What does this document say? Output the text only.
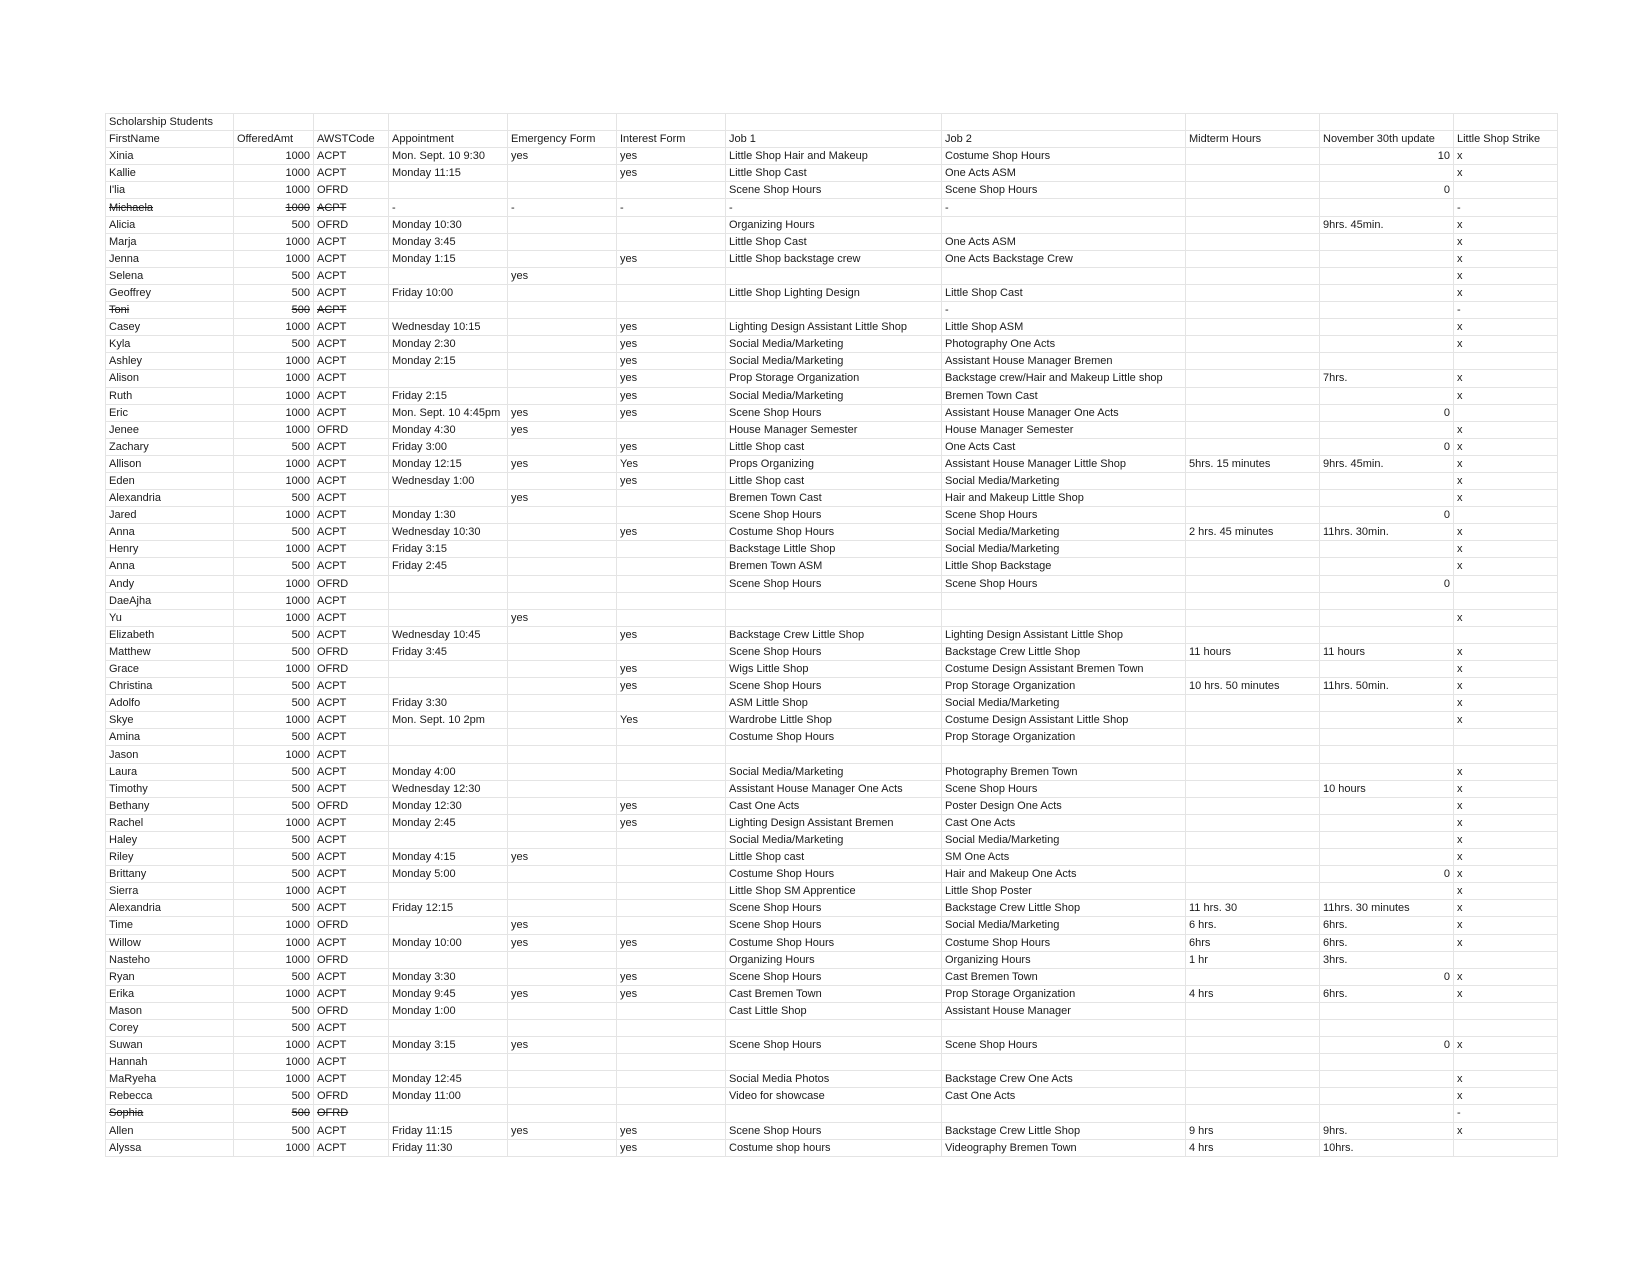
Scholarship Students										
FirstName	OfferedAmt	AWSTCode	Appointment	Emergency Form	Interest Form	Job 1	Job 2	Midterm Hours	November 30th update	Little Shop Strike
Xinia	1000	ACPT	Mon. Sept. 10 9:30	yes	yes	Little Shop Hair and Makeup	Costume Shop Hours		10	x
Kallie	1000	ACPT	Monday 11:15		yes	Little Shop Cast	One Acts ASM			x
I'lia	1000	OFRD				Scene Shop Hours	Scene Shop Hours		0	
Michaela	1000	ACPT	-	-	-	-	-			-
Alicia	500	OFRD	Monday 10:30			Organizing Hours			9hrs. 45min.	x
Marja	1000	ACPT	Monday 3:45			Little Shop Cast	One Acts ASM			x
Jenna	1000	ACPT	Monday 1:15		yes	Little Shop backstage crew	One Acts Backstage Crew			x
Selena	500	ACPT		yes						x
Geoffrey	500	ACPT	Friday 10:00			Little Shop Lighting Design	Little Shop Cast			x
Toni	500	ACPT					-			-
Casey	1000	ACPT	Wednesday 10:15		yes	Lighting Design Assistant Little Shop	Little Shop ASM			x
Kyla	500	ACPT	Monday 2:30		yes	Social Media/Marketing	Photography One Acts			x
Ashley	1000	ACPT	Monday 2:15		yes	Social Media/Marketing	Assistant House Manager Bremen			
Alison	1000	ACPT			yes	Prop Storage Organization	Backstage crew/Hair and Makeup Little shop		7hrs.	x
Ruth	1000	ACPT	Friday 2:15		yes	Social Media/Marketing	Bremen Town Cast			x
Eric	1000	ACPT	Mon. Sept. 10 4:45pm	yes	yes	Scene Shop Hours	Assistant House Manager One Acts		0	
Jenee	1000	OFRD	Monday 4:30	yes		House Manager Semester	House Manager Semester			x
Zachary	500	ACPT	Friday 3:00		yes	Little Shop cast	One Acts Cast		0	x
Allison	1000	ACPT	Monday 12:15	yes	Yes	Props Organizing	Assistant House Manager Little Shop	5hrs. 15 minutes	9hrs. 45min.	x
Eden	1000	ACPT	Wednesday 1:00		yes	Little Shop cast	Social Media/Marketing			x
Alexandria	500	ACPT		yes		Bremen Town Cast	Hair and Makeup Little Shop			x
Jared	1000	ACPT	Monday 1:30			Scene Shop Hours	Scene Shop Hours		0	
Anna	500	ACPT	Wednesday 10:30		yes	Costume Shop Hours	Social Media/Marketing	2 hrs. 45 minutes	11hrs. 30min.	x
Henry	1000	ACPT	Friday 3:15			Backstage Little Shop	Social Media/Marketing			x
Anna	500	ACPT	Friday 2:45			Bremen Town ASM	Little Shop Backstage			x
Andy	1000	OFRD				Scene Shop Hours	Scene Shop Hours		0	
DaeAjha	1000	ACPT								
Yu	1000	ACPT		yes						x
Elizabeth	500	ACPT	Wednesday 10:45		yes	Backstage Crew Little Shop	Lighting Design Assistant Little Shop			
Matthew	500	OFRD	Friday 3:45			Scene Shop Hours	Backstage Crew Little Shop	11 hours	11 hours	x
Grace	1000	OFRD			yes	Wigs Little Shop	Costume Design Assistant Bremen Town			x
Christina	500	ACPT			yes	Scene Shop Hours	Prop Storage Organization	10 hrs. 50 minutes	11hrs. 50min.	x
Adolfo	500	ACPT	Friday 3:30			ASM Little Shop	Social Media/Marketing			x
Skye	1000	ACPT	Mon. Sept. 10 2pm		Yes	Wardrobe Little Shop	Costume Design Assistant Little Shop			x
Amina	500	ACPT				Costume Shop Hours	Prop Storage Organization			
Jason	1000	ACPT								
Laura	500	ACPT	Monday 4:00			Social Media/Marketing	Photography Bremen Town			x
Timothy	500	ACPT	Wednesday 12:30			Assistant House Manager One Acts	Scene Shop Hours		10 hours	x
Bethany	500	OFRD	Monday 12:30		yes	Cast One Acts	Poster Design One Acts			x
Rachel	1000	ACPT	Monday 2:45		yes	Lighting Design Assistant Bremen	Cast One Acts			x
Haley	500	ACPT				Social Media/Marketing	Social Media/Marketing			x
Riley	500	ACPT	Monday 4:15	yes		Little Shop cast	SM One Acts			x
Brittany	500	ACPT	Monday 5:00			Costume Shop Hours	Hair and Makeup One Acts		0	x
Sierra	1000	ACPT				Little Shop SM Apprentice	Little Shop Poster			x
Alexandria	500	ACPT	Friday 12:15			Scene Shop Hours	Backstage Crew Little Shop	11 hrs. 30	11hrs. 30 minutes	x
Time	1000	OFRD		yes		Scene Shop Hours	Social Media/Marketing	6 hrs.	6hrs.	x
Willow	1000	ACPT	Monday 10:00	yes	yes	Costume Shop Hours	Costume Shop Hours	6hrs	6hrs.	x
Nasteho	1000	OFRD				Organizing Hours	Organizing Hours	1 hr	3hrs.	
Ryan	500	ACPT	Monday 3:30		yes	Scene Shop Hours	Cast Bremen Town		0	x
Erika	1000	ACPT	Monday 9:45	yes	yes	Cast Bremen Town	Prop Storage Organization	4 hrs	6hrs.	x
Mason	500	OFRD	Monday 1:00			Cast Little Shop	Assistant House Manager			
Corey	500	ACPT								
Suwan	1000	ACPT	Monday 3:15	yes		Scene Shop Hours	Scene Shop Hours		0	x
Hannah	1000	ACPT								
MaRyeha	1000	ACPT	Monday 12:45			Social Media Photos	Backstage Crew One Acts			x
Rebecca	500	OFRD	Monday 11:00			Video for showcase	Cast One Acts			x
Sophia	500	OFRD								-
Allen	500	ACPT	Friday 11:15	yes	yes	Scene Shop Hours	Backstage Crew Little Shop	9 hrs	9hrs.	x
Alyssa	1000	ACPT	Friday 11:30		yes	Costume shop hours	Videography Bremen Town	4 hrs	10hrs.	
